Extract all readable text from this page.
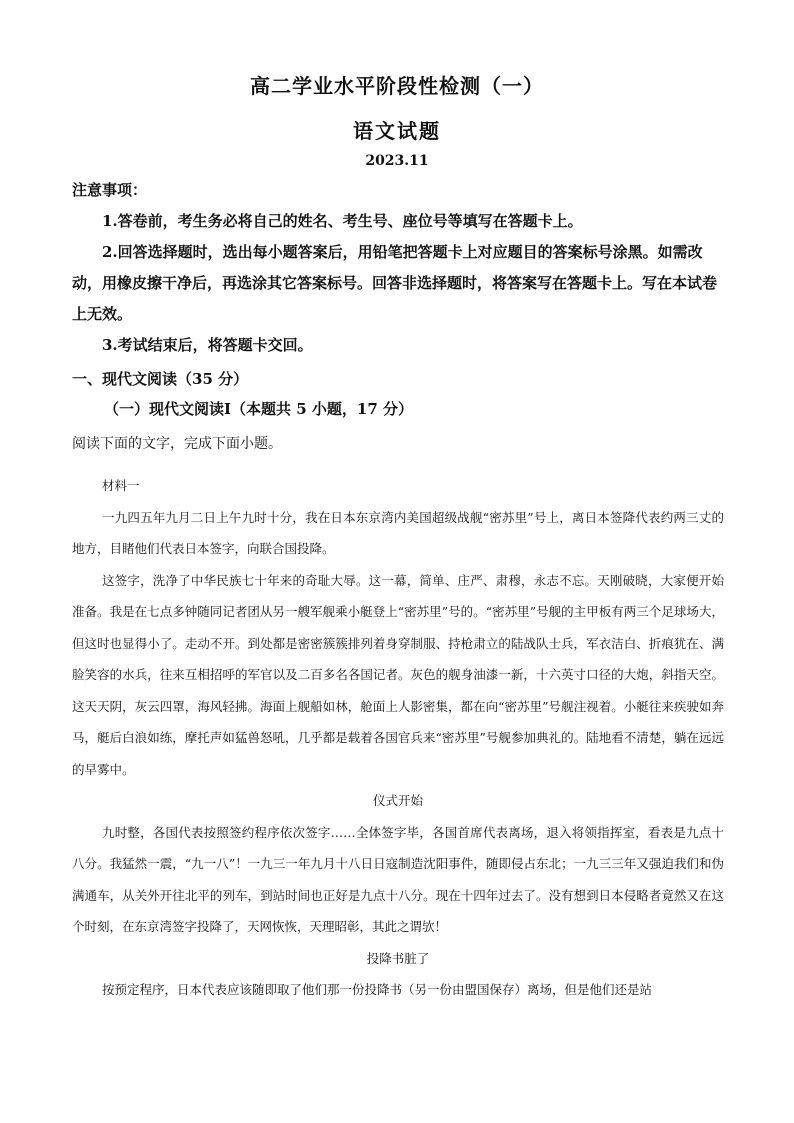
高二学业水平阶段性检测（一）
语文试题
2023.11

注意事项：

1.答卷前，考生务必将自己的姓名、考生号、座位号等填写在答题卡上。

2.回答选择题时，选出每小题答案后，用铅笔把答题卡上对应题目的答案标号涂黑。如需改动，用橡皮擦干净后，再选涂其它答案标号。回答非选择题时，将答案写在答题卡上。写在本试卷上无效。

3.考试结束后，将答题卡交回。

一、现代文阅读（35 分）
（一）现代文阅读Ⅰ（本题共 5 小题，17 分）
阅读下面的文字，完成下面小题。

材料一

一九四五年九月二日上午九时十分，我在日本东京湾内美国超级战舰“密苏里”号上，离日本签降代表约两三丈的地方，目睹他们代表日本签字，向联合国投降。

这签字，洗净了中华民族七十年来的奇耻大辱。这一幕，简单、庄严、肃穆，永志不忘。天刚破晓，大家便开始准备。我是在七点多钟随同记者团从另一艘军舰乘小艇登上“密苏里”号的。“密苏里”号舰的主甲板有两三个足球场大，但这时也显得小了。走动不开。到处都是密密簇簇排列着身穿制服、持枪肃立的陆战队士兵，军衣洁白、折痕犹在、满脸笑容的水兵，往来互相招呼的军官以及二百多名各国记者。灰色的舰身油漆一新，十六英寸口径的大炮，斜指天空。这天天阴，灰云四罩，海风轻拂。海面上舰船如林，舱面上人影密集，都在向“密苏里”号舰注视着。小艇往来疾驶如奔马，艇后白浪如练，摩托声如猛兽怒吼，几乎都是载着各国官兵来“密苏里”号舰参加典礼的。陆地看不清楚，躺在远远的早雾中。

仪式开始

九时整，各国代表按照签约程序依次签字……全体签字毕，各国首席代表离场，退入将领指挥室，看表是九点十八分。我猛然一震，“九一八”！一九三一年九月十八日日寇制造沈阳事件，随即侵占东北；一九三三年又强迫我们和伪满通车，从关外开往北平的列车，到站时间也正好是九点十八分。现在十四年过去了。没有想到日本侵略者竟然又在这个时刻，在东京湾签字投降了，天网恢恢，天理昭彰，其此之谓欤！

投降书脏了

按预定程序，日本代表应该随即取了他们那一份投降书（另一份由盟国保存）离场，但是他们还是站
